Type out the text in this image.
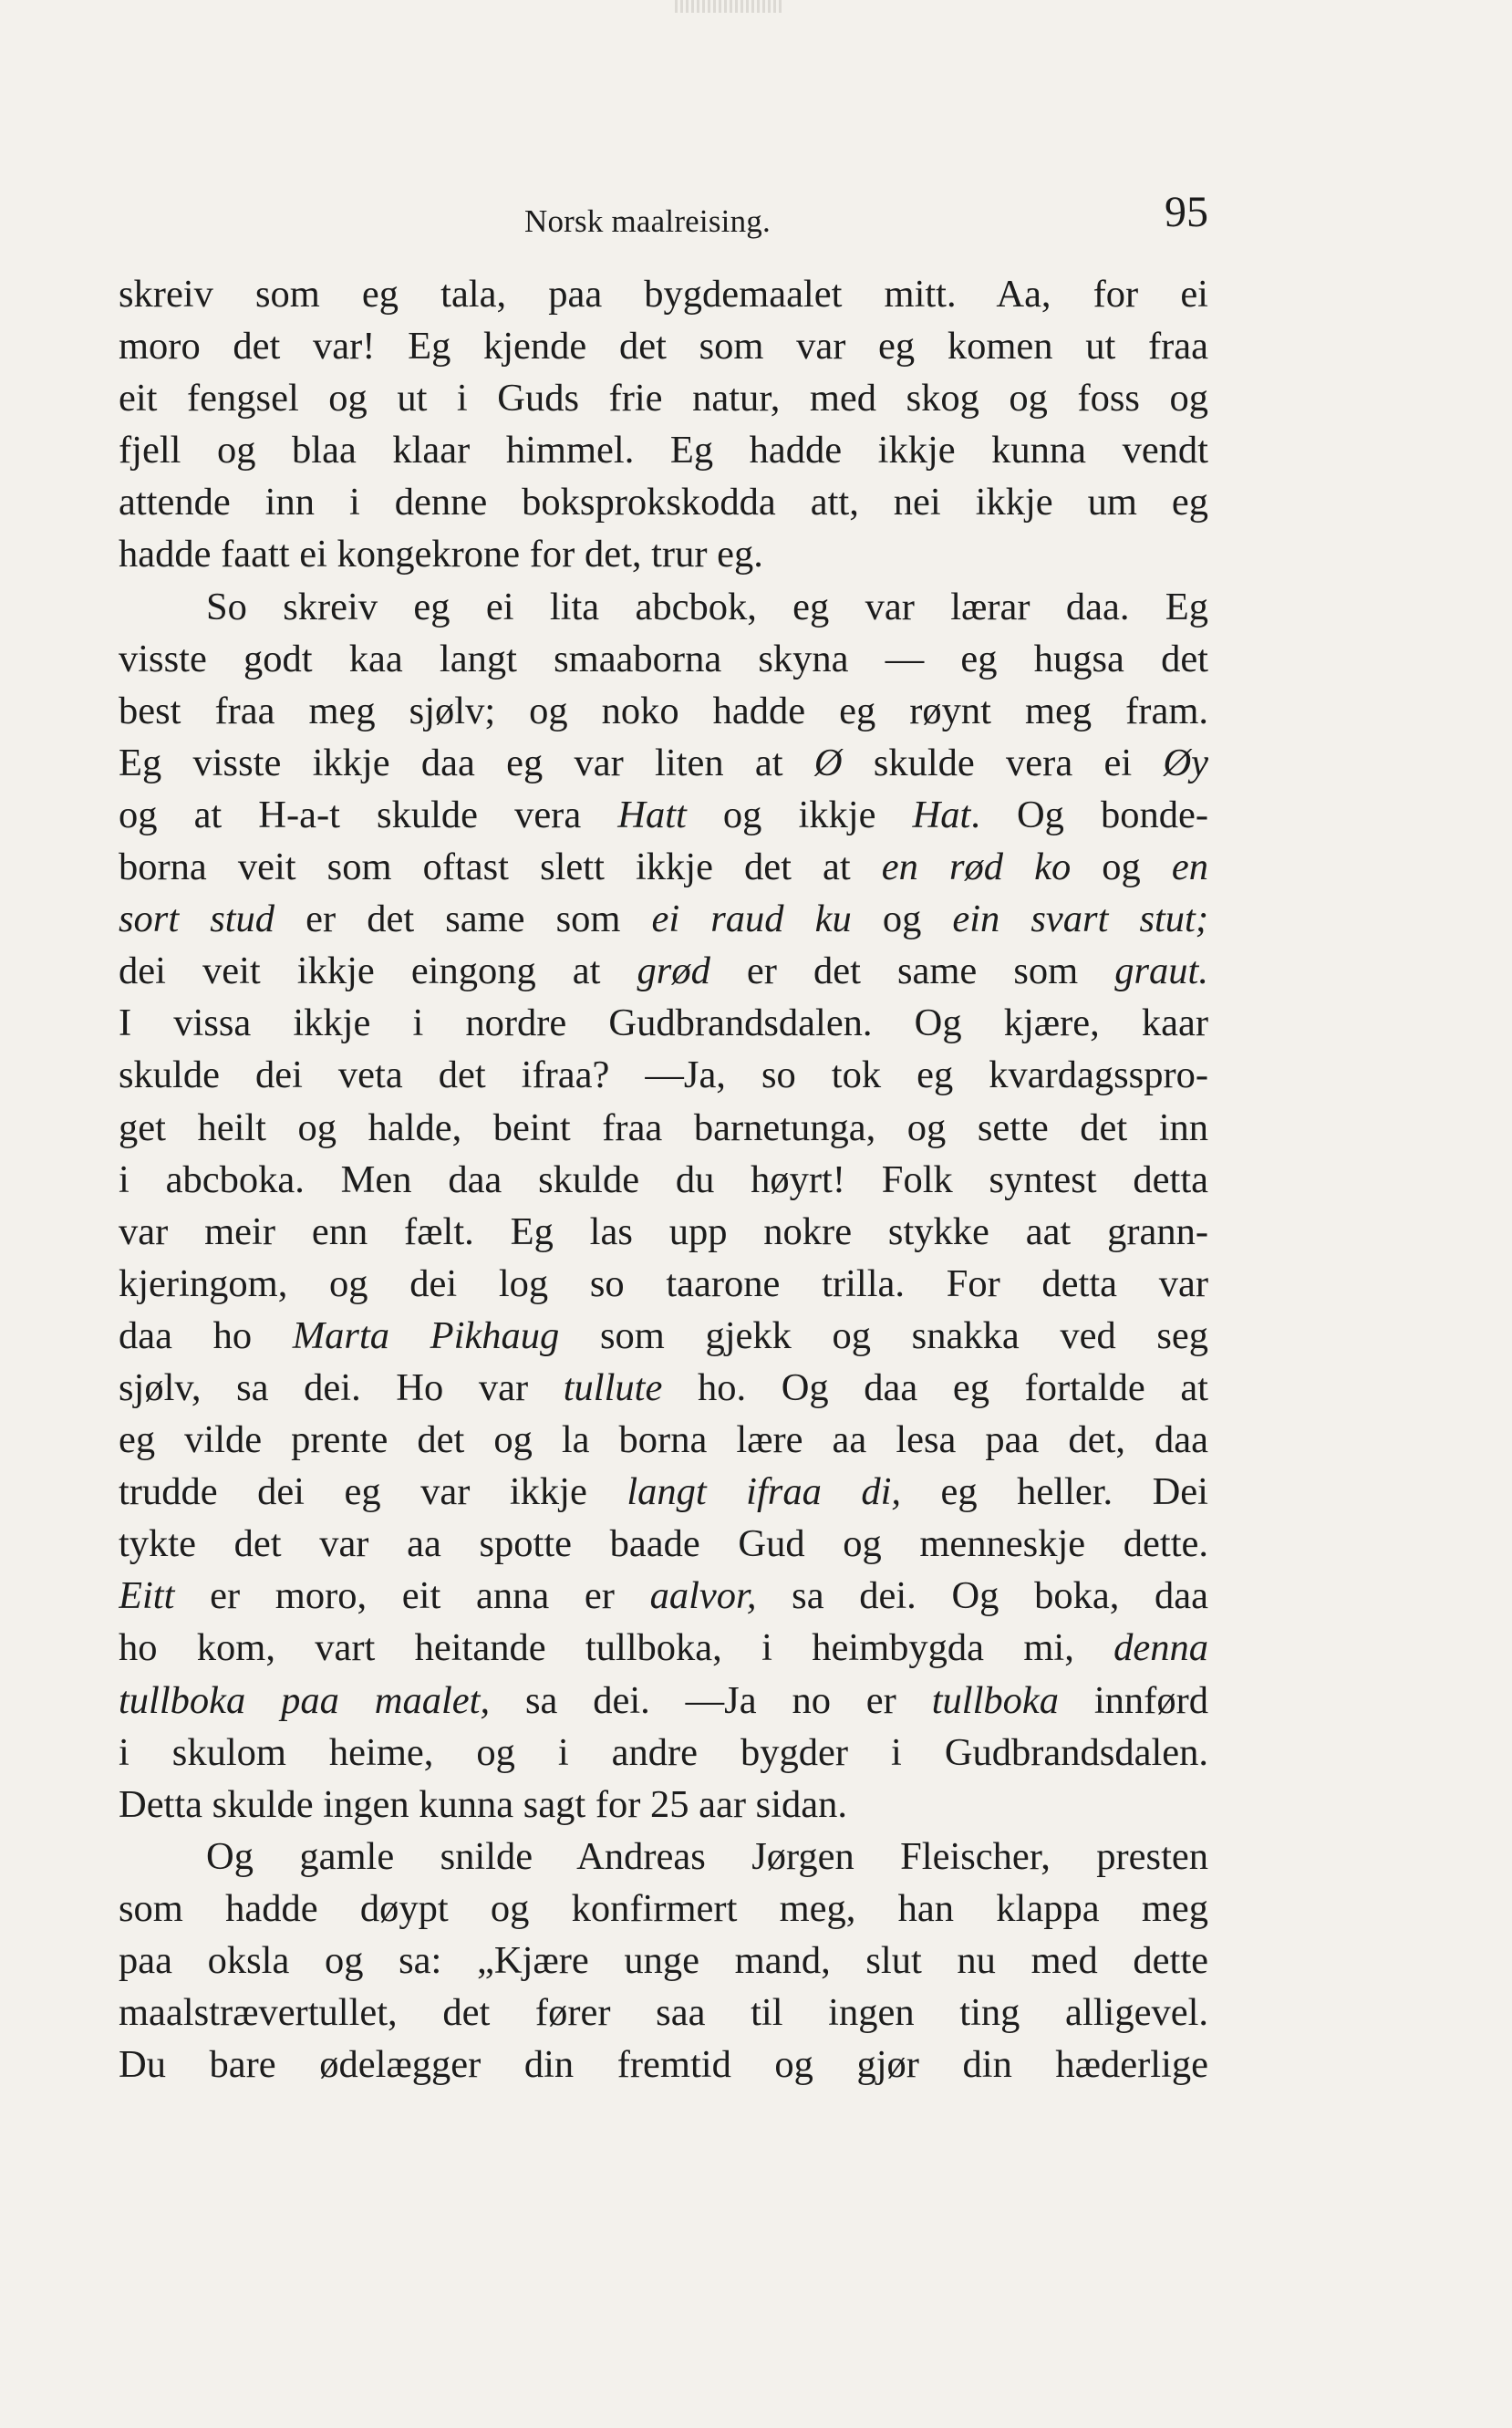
Norsk maalreising.	95
skreiv som eg tala, paa bygdemaalet mitt. Aa, for ei
moro det var! Eg kjende det som var eg komen ut fraa
eit fengsel og ut i Guds frie natur, med skog og foss og
fjell og blaa klaar himmel. Eg hadde ikkje kunna vendt
attende inn i denne boksprokskodda att, nei ikkje um eg
hadde faatt ei kongekrone for det, trur eg.
So skreiv eg ei lita abcbok, eg var lærar daa. Eg
visste godt kaa langt smaaborna skyna — eg hugsa det
best fraa meg sjølv; og noko hadde eg røynt meg fram.
Eg visste ikkje daa eg var liten at Ø skulde vera ei Øy
og at H-a-t skulde vera Hatt og ikkje Hat. Og bonde-
borna veit som oftast slett ikkje det at en rød ko og en
sort stud er det same som ei raud ku og ein svart stut;
dei veit ikkje eingong at grød er det same som graut.
I vissa ikkje i nordre Gudbrandsdalen. Og kjære, kaar
skulde dei veta det ifraa? —Ja, so tok eg kvardagsspro-
get heilt og halde, beint fraa barnetunga, og sette det inn
i abcboka. Men daa skulde du høyrt! Folk syntest detta
var meir enn fælt. Eg las upp nokre stykke aat grann-
kjeringom, og dei log so taarone trilla. For detta var
daa ho Marta Pikhaug som gjekk og snakka ved seg
sjølv, sa dei. Ho var tullute ho. Og daa eg fortalde at
eg vilde prente det og la borna lære aa lesa paa det, daa
trudde dei eg var ikkje langt ifraa di, eg heller. Dei
tykte det var aa spotte baade Gud og menneskje dette.
Eitt er moro, eit anna er aalvor, sa dei. Og boka, daa
ho kom, vart heitande tullboka, i heimbygda mi, denna
tullboka paa maalet, sa dei. —Ja no er tullboka innførd
i skulom heime, og i andre bygder i Gudbrandsdalen.
Detta skulde ingen kunna sagt for 25 aar sidan.
Og gamle snilde Andreas Jørgen Fleischer, presten
som hadde døypt og konfirmert meg, han klappa meg
paa oksla og sa: „Kjære unge mand, slut nu med dette
maalstrævertullet, det fører saa til ingen ting alligevel.
Du bare ødelægger din fremtid og gjør din hæderlige
